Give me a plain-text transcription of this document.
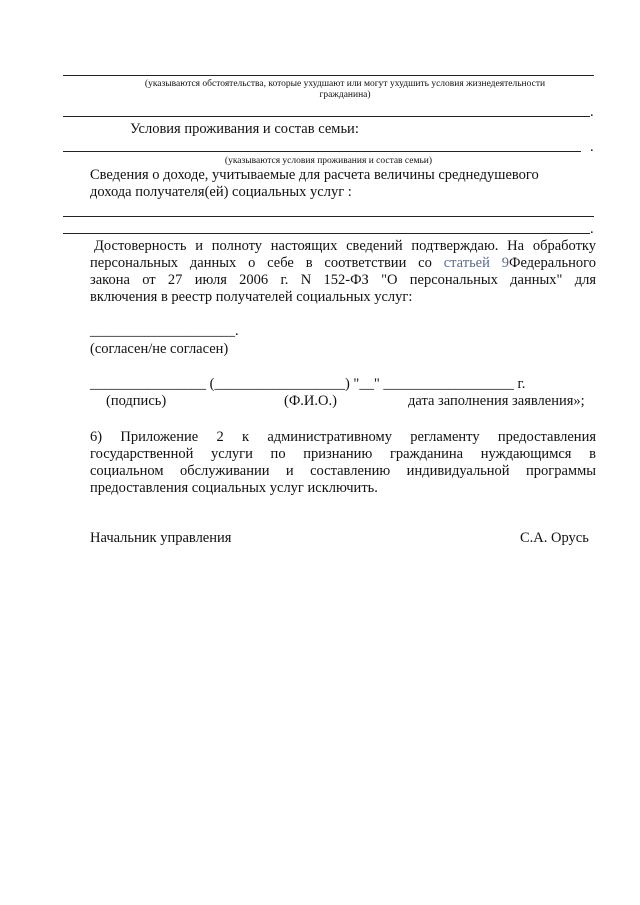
(указываются обстоятельства, которые ухудшают или могут ухудшить условия жизнедеятельности
гражданина)
.
Условия проживания и состав семьи:
.
(указываются условия проживания и состав семьи)
Сведения о доходе, учитываемые для расчета величины среднедушевого
дохода получателя(ей) социальных услуг :
.
Достоверность и полноту настоящих сведений подтверждаю. На обработку
персональных данных о себе в соответствии со статьей 9Федерального
закона от 27 июля 2006 г. N 152-ФЗ "О персональных данных" для
включения в реестр получателей социальных услуг:
____________________.
(согласен/не согласен)
________________ (__________________) "__" __________________ г.
(подпись)	(Ф.И.О.)	дата заполнения заявления»;
6) Приложение 2 к административному регламенту предоставления
государственной услуги по признанию гражданина нуждающимся в
социальном обслуживании и составлению индивидуальной программы
предоставления социальных услуг исключить.
Начальник управления	С.А. Орусь
